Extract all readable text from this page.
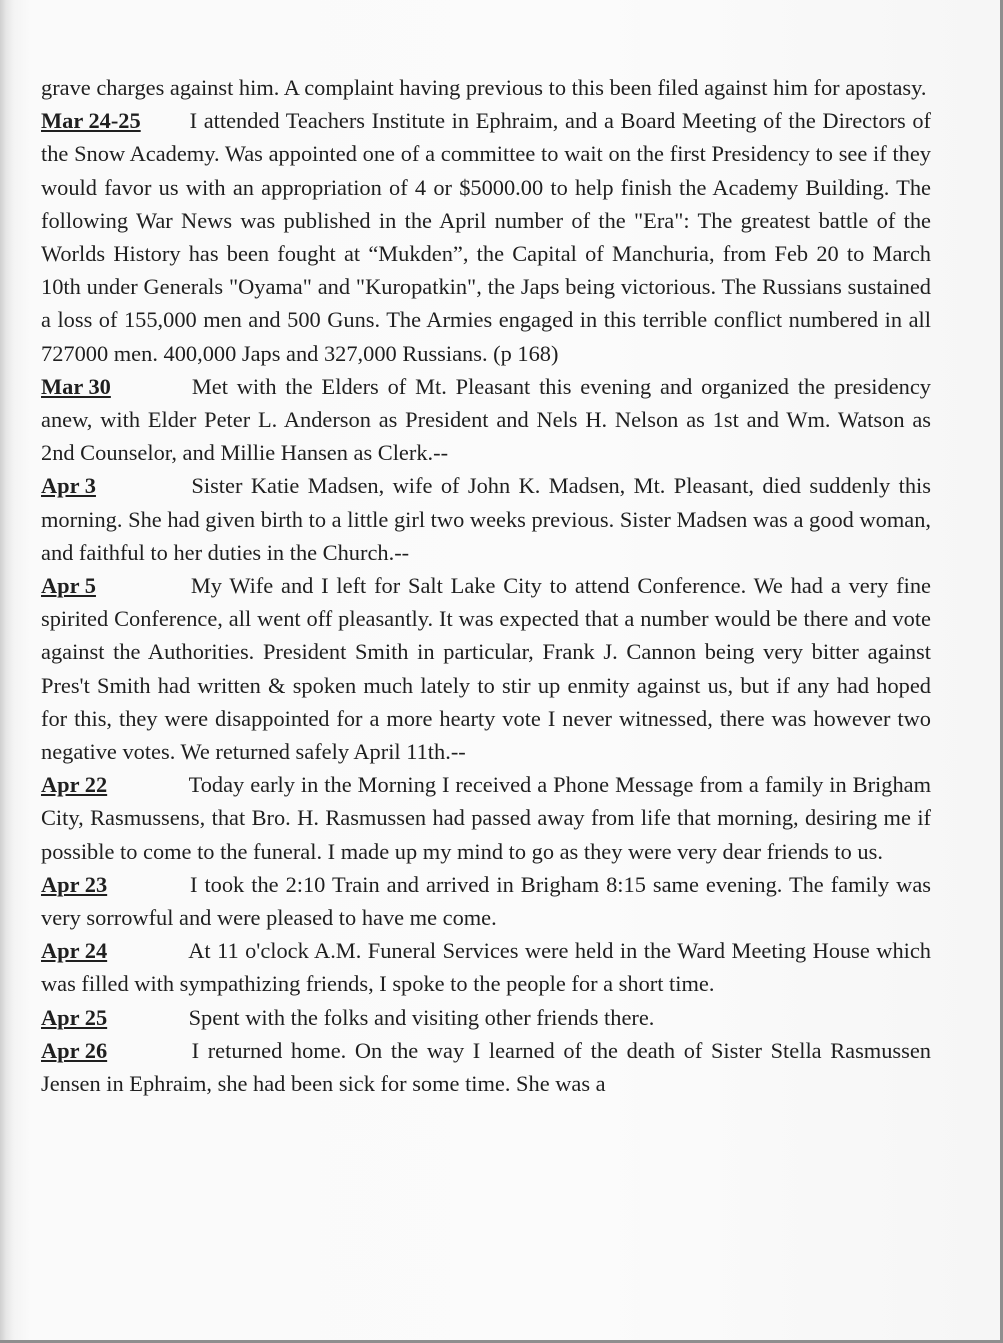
grave charges against him. A complaint having previous to this been filed against him for apostasy.

Mar 24-25 I attended Teachers Institute in Ephraim, and a Board Meeting of the Directors of the Snow Academy. Was appointed one of a committee to wait on the first Presidency to see if they would favor us with an appropriation of 4 or $5000.00 to help finish the Academy Building. The following War News was published in the April number of the "Era": The greatest battle of the Worlds History has been fought at “Mukden”, the Capital of Manchuria, from Feb 20 to March 10th under Generals "Oyama" and "Kuropatkin", the Japs being victorious. The Russians sustained a loss of 155,000 men and 500 Guns. The Armies engaged in this terrible conflict numbered in all 727000 men. 400,000 Japs and 327,000 Russians. (p 168)

Mar 30	Met with the Elders of Mt. Pleasant this evening and organized the presidency anew, with Elder Peter L. Anderson as President and Nels H. Nelson as 1st and Wm. Watson as 2nd Counselor, and Millie Hansen as Clerk.--

Apr 3	Sister Katie Madsen, wife of John K. Madsen, Mt. Pleasant, died suddenly this morning. She had given birth to a little girl two weeks previous. Sister Madsen was a good woman, and faithful to her duties in the Church.--

Apr 5	My Wife and I left for Salt Lake City to attend Conference. We had a very fine spirited Conference, all went off pleasantly. It was expected that a number would be there and vote against the Authorities. President Smith in particular, Frank J. Cannon being very bitter against Pres't Smith had written & spoken much lately to stir up enmity against us, but if any had hoped for this, they were disappointed for a more hearty vote I never witnessed, there was however two negative votes. We returned safely April 11th.--

Apr 22	Today early in the Morning I received a Phone Message from a family in Brigham City, Rasmussens, that Bro. H. Rasmussen had passed away from life that morning, desiring me if possible to come to the funeral. I made up my mind to go as they were very dear friends to us.

Apr 23	I took the 2:10 Train and arrived in Brigham 8:15 same evening. The family was very sorrowful and were pleased to have me come.

Apr 24	At 11 o'clock A.M. Funeral Services were held in the Ward Meeting House which was filled with sympathizing friends, I spoke to the people for a short time.

Apr 25	Spent with the folks and visiting other friends there.

Apr 26	I returned home. On the way I learned of the death of Sister Stella Rasmussen Jensen in Ephraim, she had been sick for some time. She was a
